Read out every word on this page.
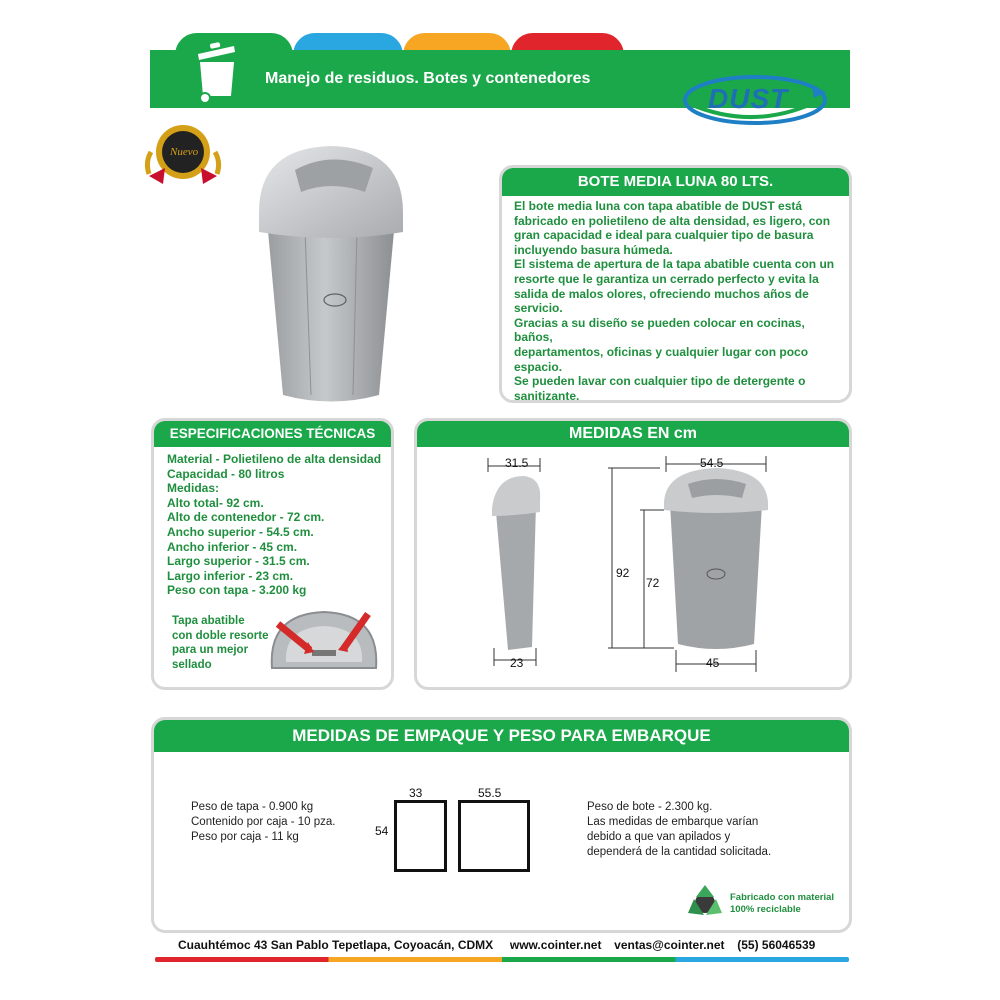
Manejo de residuos. Botes y contenedores
DUST
Nuevo
BOTE MEDIA LUNA 80 LTS.
El bote media luna con tapa abatible de DUST está
fabricado en polietileno de alta densidad, es ligero, con
gran capacidad e ideal para cualquier tipo de basura
incluyendo basura húmeda.
El sistema de apertura de la tapa abatible cuenta con un
resorte que le garantiza un cerrado perfecto y evita la
salida de malos olores, ofreciendo muchos años de
servicio.
Gracias a su diseño se pueden colocar en cocinas, baños,
departamentos, oficinas y cualquier lugar con poco
espacio.
Se pueden lavar con cualquier tipo de detergente o
sanitizante.
ESPECIFICACIONES TÉCNICAS
Material - Polietileno de alta densidad
Capacidad - 80 litros
Medidas:
Alto total- 92 cm.
Alto de contenedor - 72 cm.
Ancho superior - 54.5 cm.
Ancho inferior - 45 cm.
Largo superior - 31.5 cm.
Largo inferior - 23 cm.
Peso con tapa - 3.200 kg
Tapa abatible
con doble resorte
para un mejor
sellado
MEDIDAS EN cm
31.5
23
54.5
45
92
72
MEDIDAS DE EMPAQUE Y PESO PARA EMBARQUE
Peso de tapa - 0.900 kg
Contenido por caja - 10 pza.
Peso por caja - 11 kg	54
33	55.5
Peso de bote - 2.300 kg.
Las medidas de embarque varían
debido a que van apilados y
dependerá de la cantidad solicitada.
Fabricado con material
100% reciclable
Cuauhtémoc 43 San Pablo Tepetlapa, Coyoacán, CDMX www.cointer.net ventas@cointer.net (55) 56046539
